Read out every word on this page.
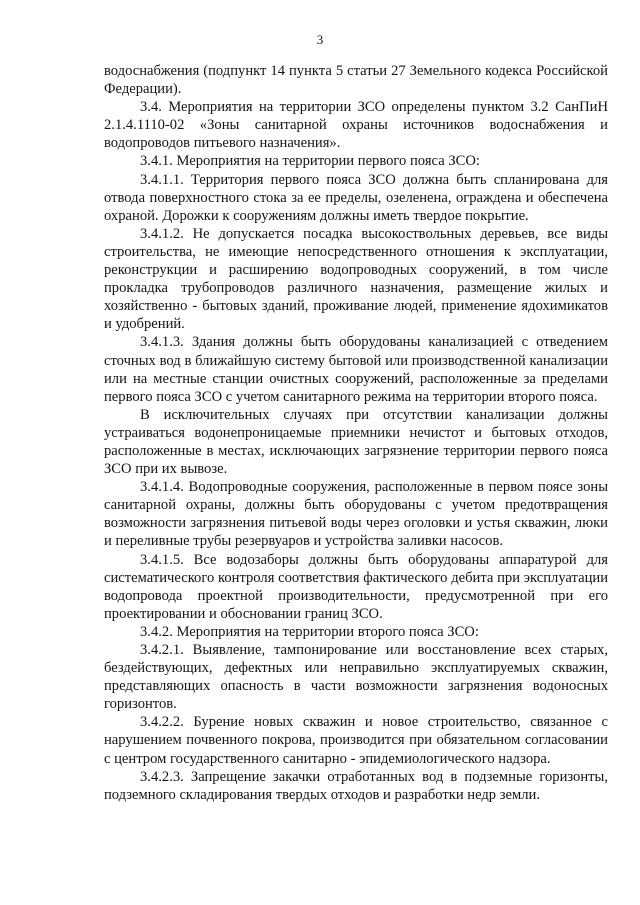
3

водоснабжения (подпункт 14 пункта 5 статьи 27 Земельного кодекса Российской Федерации).

3.4. Мероприятия на территории ЗСО определены пунктом 3.2 СанПиН 2.1.4.1110-02 «Зоны санитарной охраны источников водоснабжения и водопроводов питьевого назначения».

3.4.1. Мероприятия на территории первого пояса ЗСО:

3.4.1.1. Территория первого пояса ЗСО должна быть спланирована для отвода поверхностного стока за ее пределы, озеленена, ограждена и обеспечена охраной. Дорожки к сооружениям должны иметь твердое покрытие.

3.4.1.2. Не допускается посадка высокоствольных деревьев, все виды строительства, не имеющие непосредственного отношения к эксплуатации, реконструкции и расширению водопроводных сооружений, в том числе прокладка трубопроводов различного назначения, размещение жилых и хозяйственно - бытовых зданий, проживание людей, применение ядохимикатов и удобрений.

3.4.1.3. Здания должны быть оборудованы канализацией с отведением сточных вод в ближайшую систему бытовой или производственной канализации или на местные станции очистных сооружений, расположенные за пределами первого пояса ЗСО с учетом санитарного режима на территории второго пояса.

В исключительных случаях при отсутствии канализации должны устраиваться водонепроницаемые приемники нечистот и бытовых отходов, расположенные в местах, исключающих загрязнение территории первого пояса ЗСО при их вывозе.

3.4.1.4. Водопроводные сооружения, расположенные в первом поясе зоны санитарной охраны, должны быть оборудованы с учетом предотвращения возможности загрязнения питьевой воды через оголовки и устья скважин, люки и переливные трубы резервуаров и устройства заливки насосов.

3.4.1.5. Все водозаборы должны быть оборудованы аппаратурой для систематического контроля соответствия фактического дебита при эксплуатации водопровода проектной производительности, предусмотренной при его проектировании и обосновании границ ЗСО.

3.4.2. Мероприятия на территории второго пояса ЗСО:

3.4.2.1. Выявление, тампонирование или восстановление всех старых, бездействующих, дефектных или неправильно эксплуатируемых скважин, представляющих опасность в части возможности загрязнения водоносных горизонтов.

3.4.2.2. Бурение новых скважин и новое строительство, связанное с нарушением почвенного покрова, производится при обязательном согласовании с центром государственного санитарно - эпидемиологического надзора.

3.4.2.3. Запрещение закачки отработанных вод в подземные горизонты, подземного складирования твердых отходов и разработки недр земли.
